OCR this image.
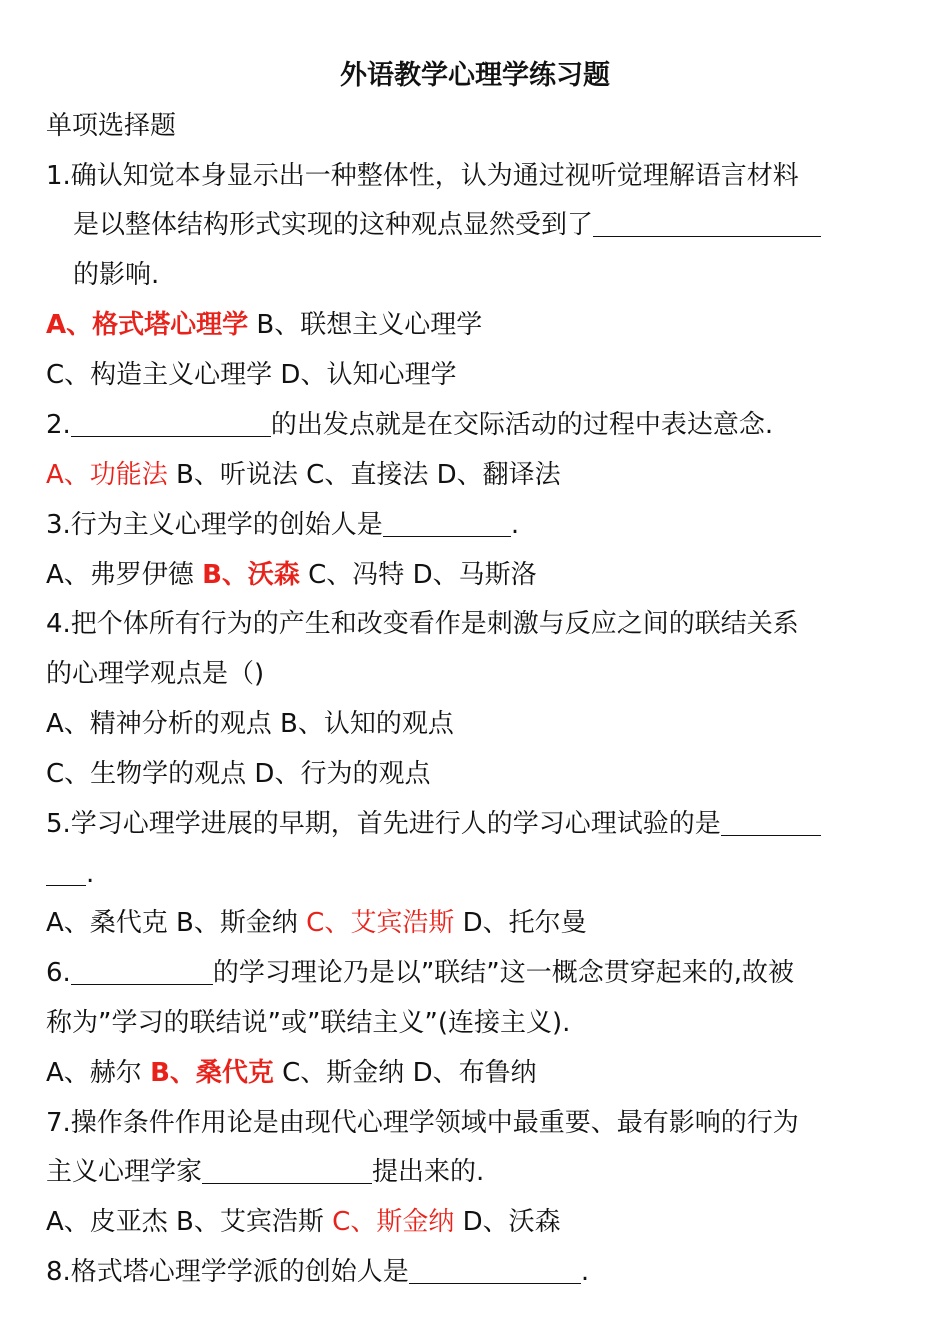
外语教学心理学练习题
单项选择题
1.确认知觉本身显示出一种整体性，认为通过视听觉理解语言材料
是以整体结构形式实现的这种观点显然受到了
的影响.
A、格式塔心理学 B、联想主义心理学
C、构造主义心理学 D、认知心理学
2.	的出发点就是在交际活动的过程中表达意念.
A、功能法 B、听说法 C、直接法 D、翻译法
3.行为主义心理学的创始人是	.
A、弗罗伊德 B、沃森 C、冯特 D、马斯洛
4.把个体所有行为的产生和改变看作是刺激与反应之间的联结关系
的心理学观点是（)
A、精神分析的观点 B、认知的观点
C、生物学的观点 D、行为的观点
5.学习心理学进展的早期，首先进行人的学习心理试验的是
.
A、桑代克 B、斯金纳 C、艾宾浩斯 D、托尔曼
6.	的学习理论乃是以”联结”这一概念贯穿起来的,故被
称为”学习的联结说”或”联结主义”(连接主义).
A、赫尔 B、桑代克 C、斯金纳 D、布鲁纳
7.操作条件作用论是由现代心理学领域中最重要、最有影响的行为
主义心理学家	提出来的.
A、皮亚杰 B、艾宾浩斯 C、斯金纳 D、沃森
8.格式塔心理学学派的创始人是	.
